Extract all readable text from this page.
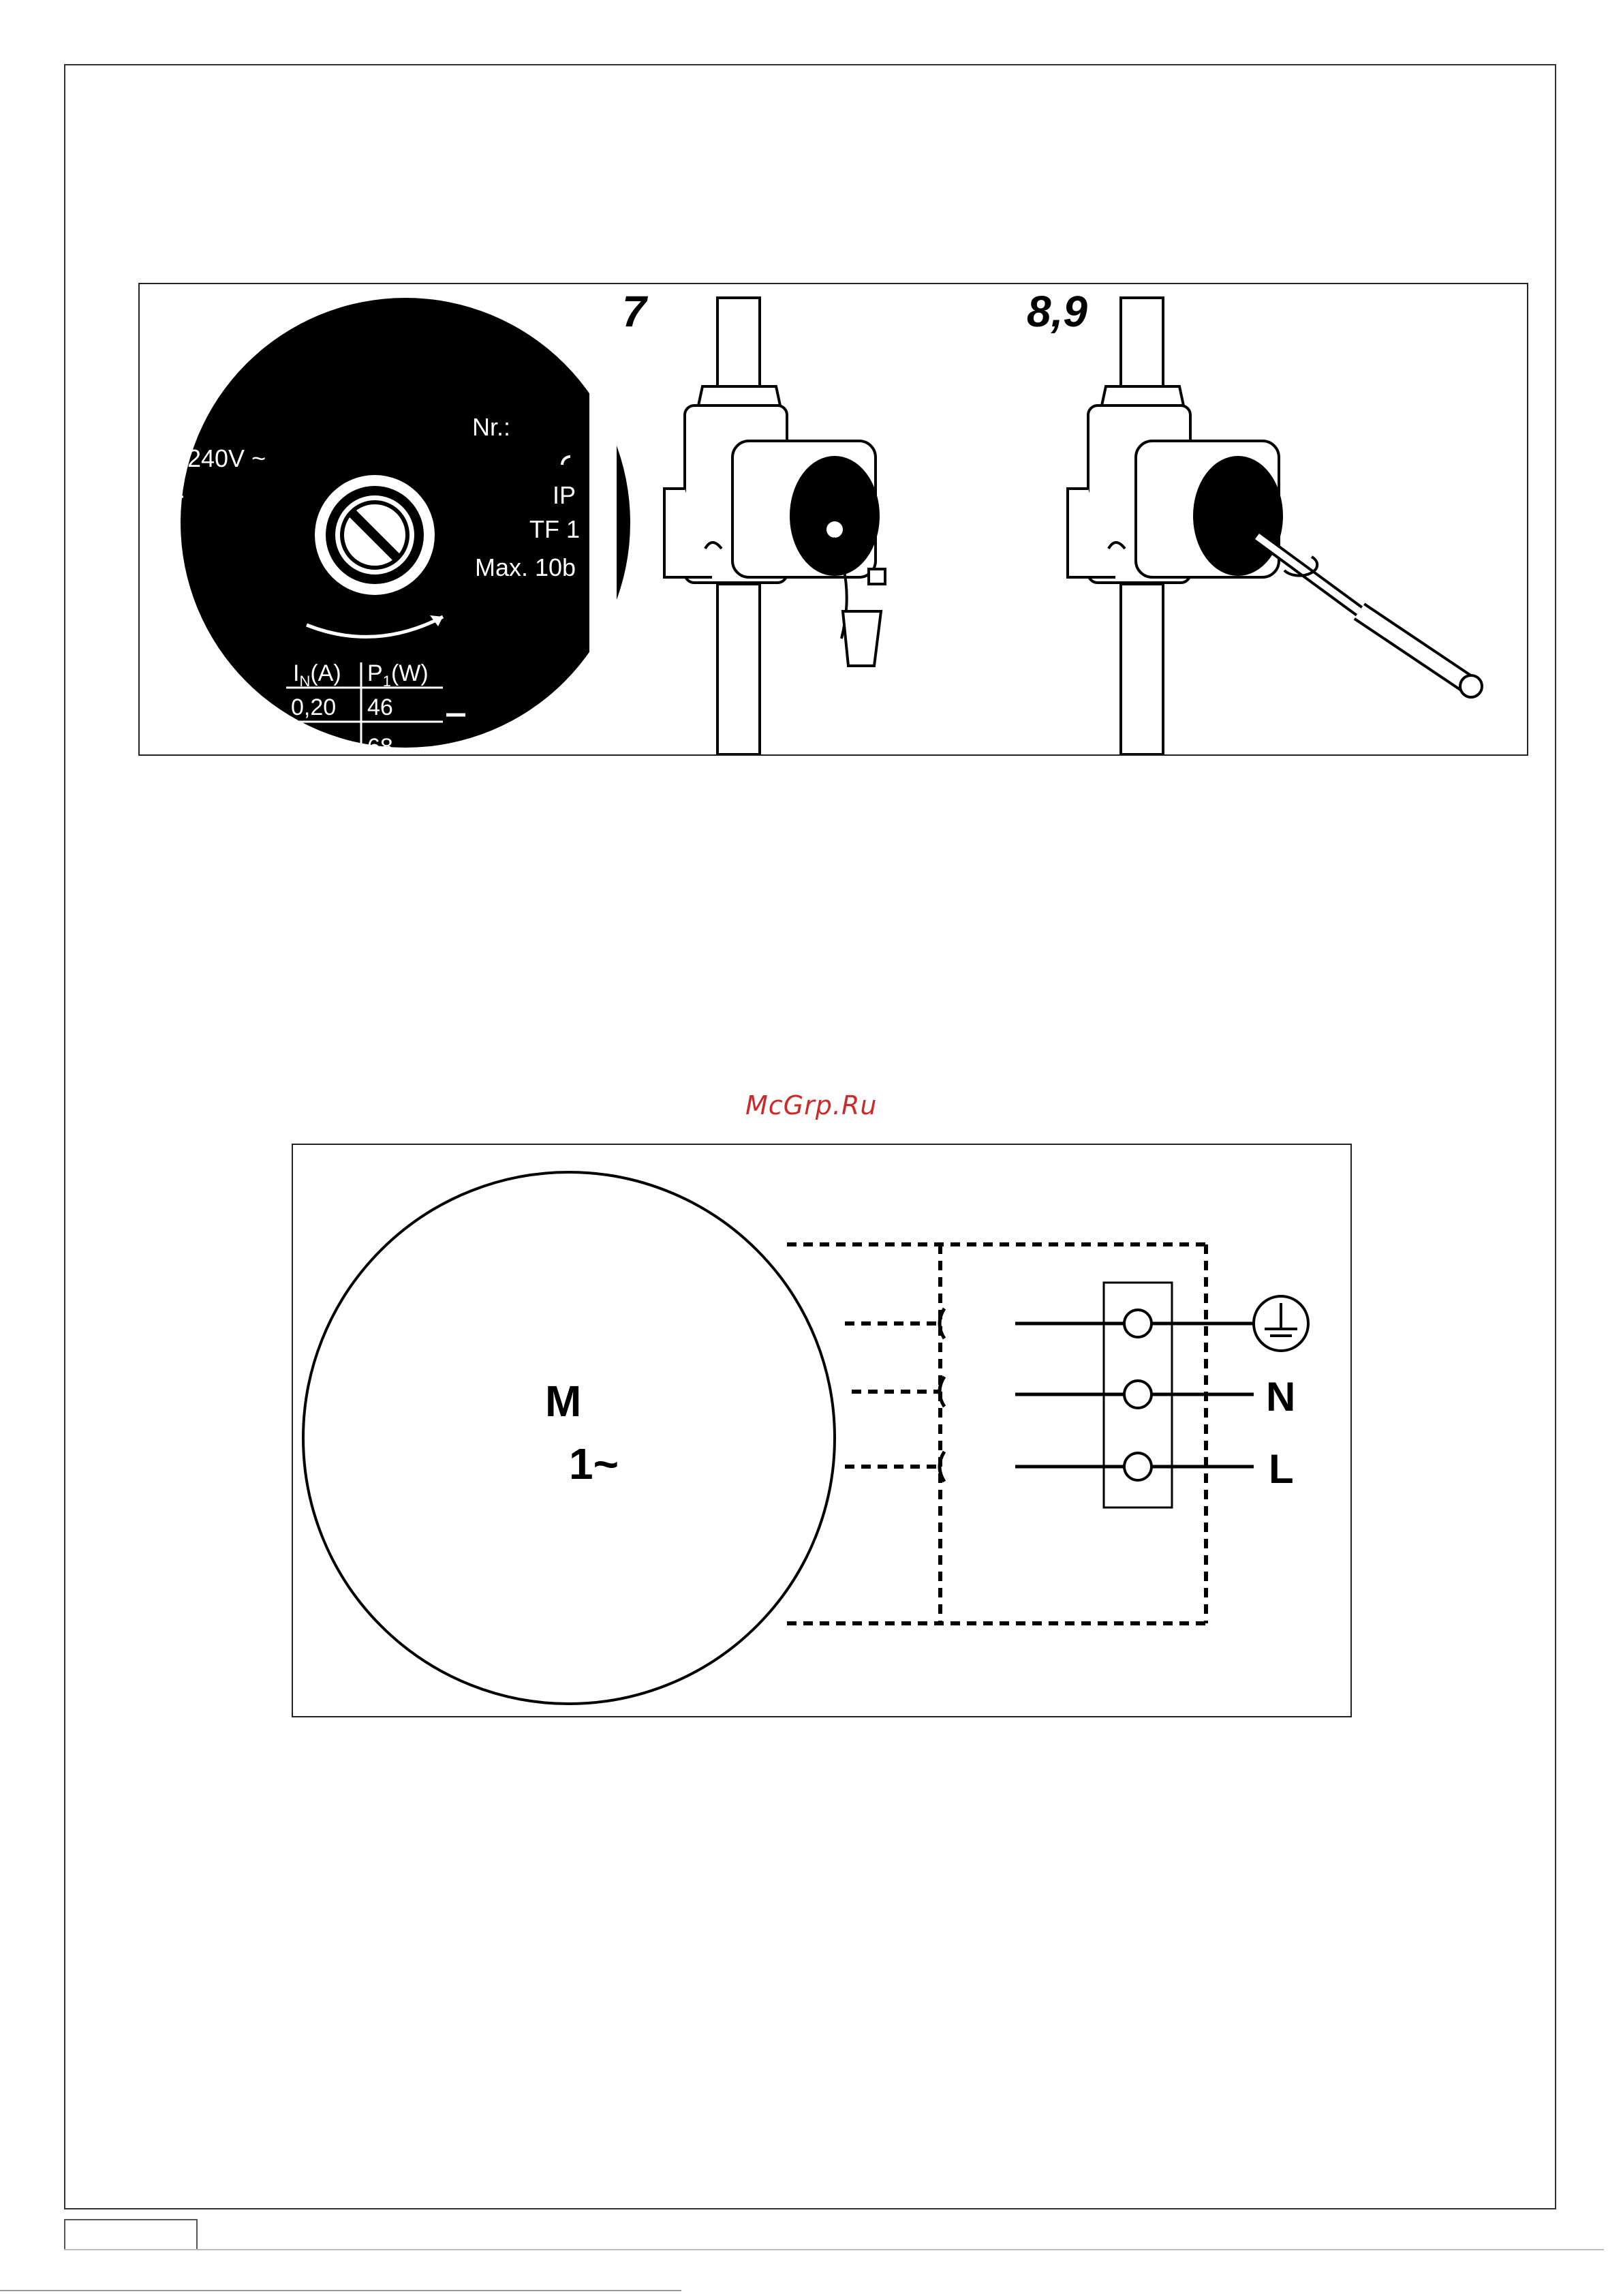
- 240V ~
Nr.:
IP
TF 1
Max. 10b
$I_N(A)$ $P_1(W)$
0,20 46
30 68
7	8,9
McGrp.Ru
M
1~
N
L
